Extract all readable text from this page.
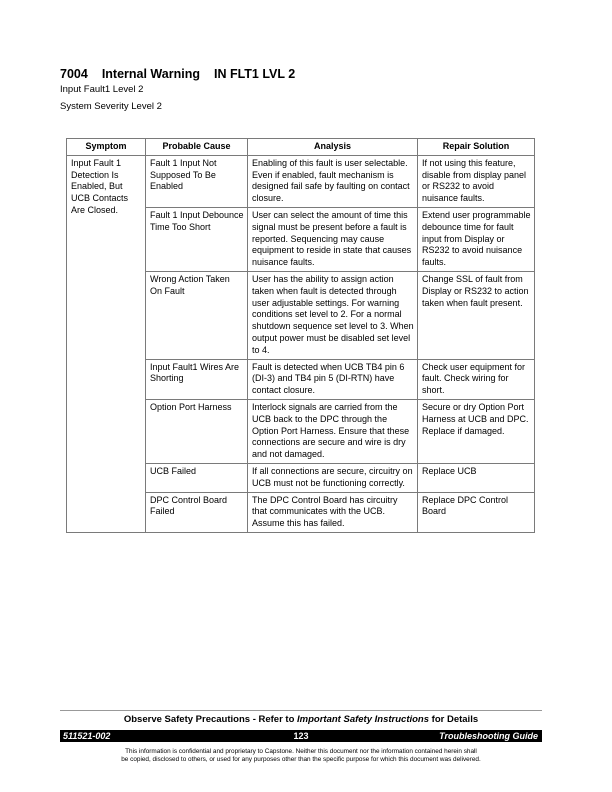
7004 Internal Warning IN FLT1 LVL 2
Input Fault1 Level 2
System Severity Level 2
Symptom	Probable Cause	Analysis	Repair Solution
Input Fault 1 Detection Is Enabled, But UCB Contacts Are Closed.	Fault 1 Input Not Supposed To Be Enabled	Enabling of this fault is user selectable. Even if enabled, fault mechanism is designed fail safe by faulting on contact closure.	If not using this feature, disable from display panel or RS232 to avoid nuisance faults.
	Fault 1 Input Debounce Time Too Short	User can select the amount of time this signal must be present before a fault is reported. Sequencing may cause equipment to reside in state that causes nuisance faults.	Extend user programmable debounce time for fault input from Display or RS232 to avoid nuisance faults.
	Wrong Action Taken On Fault	User has the ability to assign action taken when fault is detected through user adjustable settings. For warning conditions set level to 2. For a normal shutdown sequence set level to 3. When output power must be disabled set level to 4.	Change SSL of fault from Display or RS232 to action taken when fault present.
	Input Fault1 Wires Are Shorting	Fault is detected when UCB TB4 pin 6 (DI-3) and TB4 pin 5 (DI-RTN) have contact closure.	Check user equipment for fault. Check wiring for short.
	Option Port Harness	Interlock signals are carried from the UCB back to the DPC through the Option Port Harness. Ensure that these connections are secure and wire is dry and not damaged.	Secure or dry Option Port Harness at UCB and DPC. Replace if damaged.
	UCB Failed	If all connections are secure, circuitry on UCB must not be functioning correctly.	Replace UCB
	DPC Control Board Failed	The DPC Control Board has circuitry that communicates with the UCB. Assume this has failed.	Replace DPC Control Board
Observe Safety Precautions - Refer to Important Safety Instructions for Details
123
511521-002	Troubleshooting Guide
This information is confidential and proprietary to Capstone. Neither this document nor the information contained herein shall
be copied, disclosed to others, or used for any purposes other than the specific purpose for which this document was delivered.
